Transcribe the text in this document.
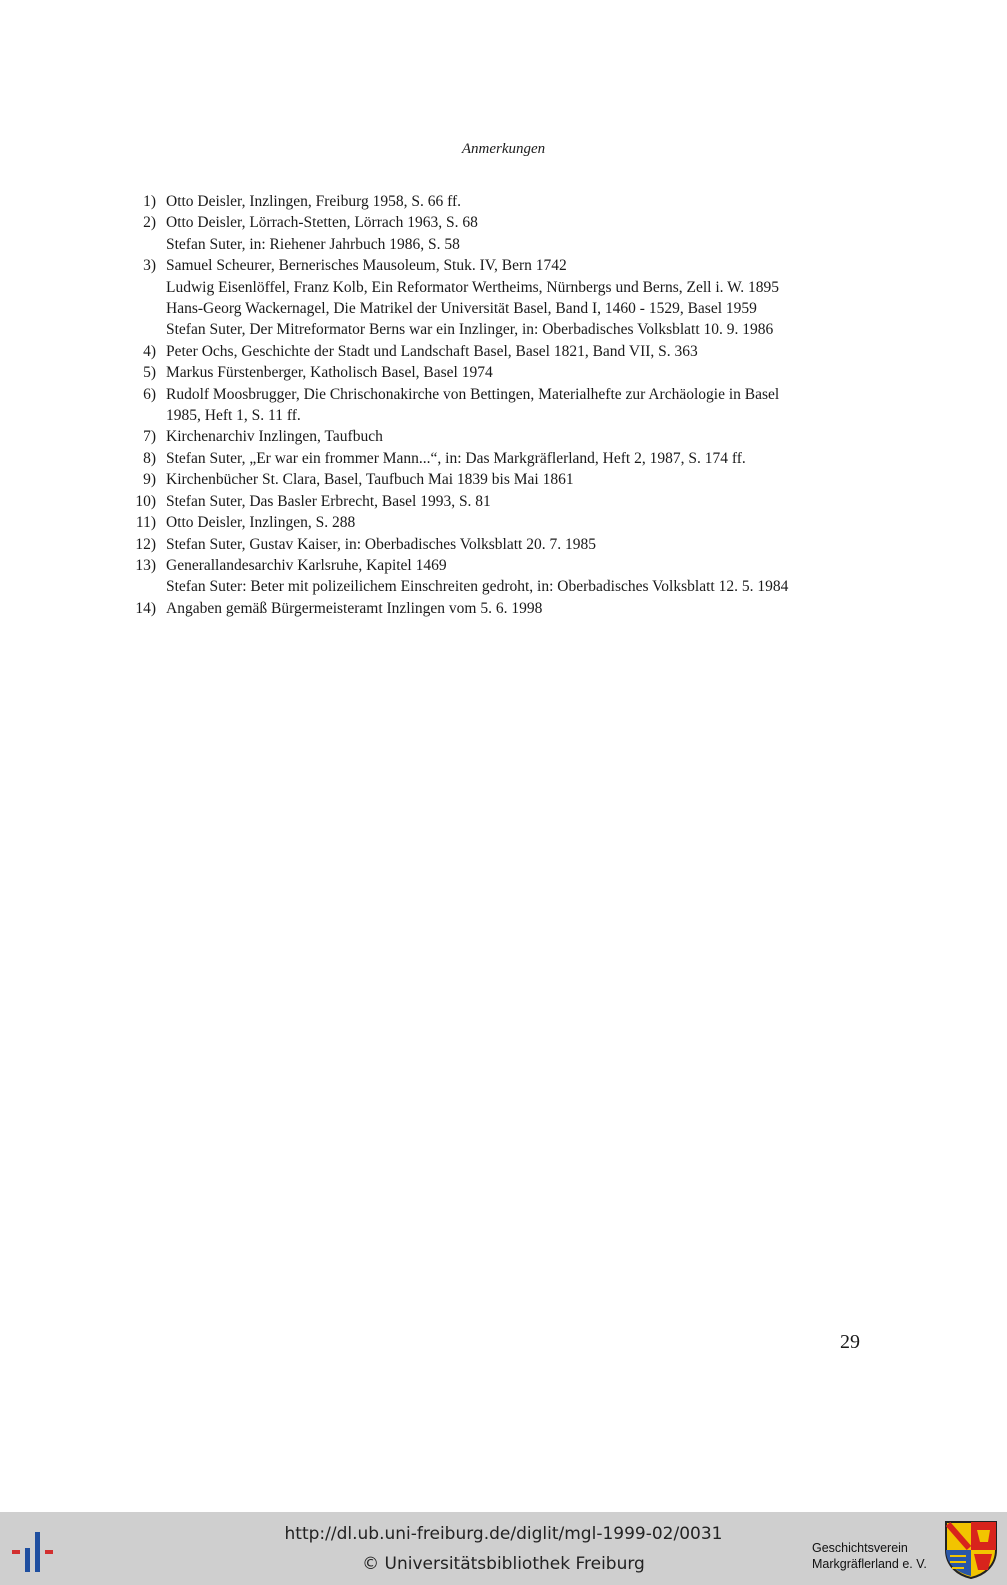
Anmerkungen
1) Otto Deisler, Inzlingen, Freiburg 1958, S. 66 ff.
2) Otto Deisler, Lörrach-Stetten, Lörrach 1963, S. 68
Stefan Suter, in: Riehener Jahrbuch 1986, S. 58
3) Samuel Scheurer, Bernerisches Mausoleum, Stuk. IV, Bern 1742
Ludwig Eisenlöffel, Franz Kolb, Ein Reformator Wertheims, Nürnbergs und Berns, Zell i. W. 1895
Hans-Georg Wackernagel, Die Matrikel der Universität Basel, Band I, 1460 - 1529, Basel 1959
Stefan Suter, Der Mitreformator Berns war ein Inzlinger, in: Oberbadisches Volksblatt 10. 9. 1986
4) Peter Ochs, Geschichte der Stadt und Landschaft Basel, Basel 1821, Band VII, S. 363
5) Markus Fürstenberger, Katholisch Basel, Basel 1974
6) Rudolf Moosbrugger, Die Chrischonakirche von Bettingen, Materialhefte zur Archäologie in Basel
1985, Heft 1, S. 11 ff.
7) Kirchenarchiv Inzlingen, Taufbuch
8) Stefan Suter, „Er war ein frommer Mann...“, in: Das Markgräflerland, Heft 2, 1987, S. 174 ff.
9) Kirchenbücher St. Clara, Basel, Taufbuch Mai 1839 bis Mai 1861
10) Stefan Suter, Das Basler Erbrecht, Basel 1993, S. 81
11) Otto Deisler, Inzlingen, S. 288
12) Stefan Suter, Gustav Kaiser, in: Oberbadisches Volksblatt 20. 7. 1985
13) Generallandesarchiv Karlsruhe, Kapitel 1469
Stefan Suter: Beter mit polizeilichem Einschreiten gedroht, in: Oberbadisches Volksblatt 12. 5. 1984
14) Angaben gemäß Bürgermeisteramt Inzlingen vom 5. 6. 1998
29
http://dl.ub.uni-freiburg.de/diglit/mgl-1999-02/0031
© Universitätsbibliothek Freiburg
Geschichtsverein
Markgräflerland e. V.
